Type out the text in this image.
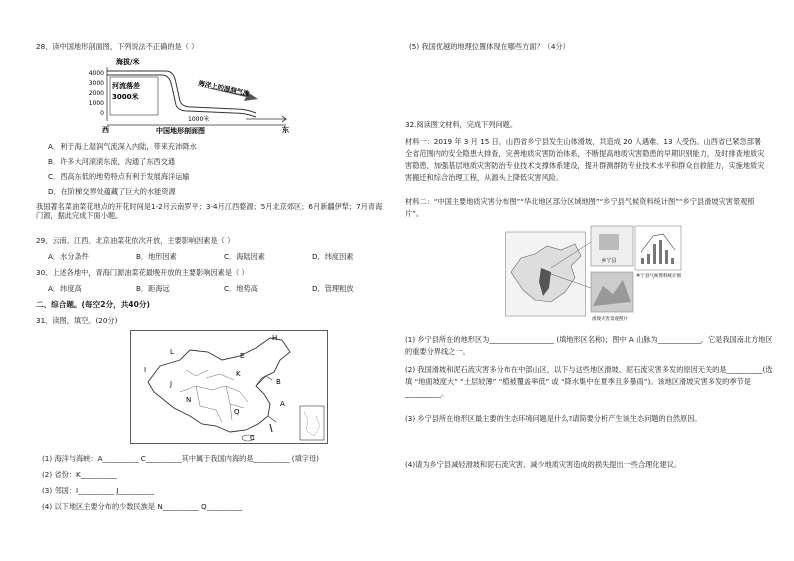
28、读中国地形剖面图，下列说法不正确的是（ ）
海拔/米
4000
3000
2000
1000
0
河流落差
3000米	海洋上的湿润气流
1000米
西	东
中国地形剖面图
A．利于海上湿润气流深入内陆，带来充沛降水
B．许多大河滚滚东流，沟通了东西交通
C．西高东低的地势特点有利于发展海洋运输
D．在阶梯交界处蕴藏了巨大的水能资源
我国著名菜油菜花地点的开花时间是1-2月云南罗平；3-4月江西婺源；5月北京郊区；6月新疆伊犁；7月青海门源，据此完成下面小题。
29、云南、江西、北京油菜花依次开放，主要影响因素是（ ）
A．水分条件	B．地形因素	C．海陆因素	D．纬度因素
30、上述各地中，青海门源油菜花最晚开放的主要影响因素是（ ）
A．纬度高	B．距海远	C．地势高	D．管理粗放
二、综合题。(每空2分，共40分)
31、读图，填空。(20分)
L
H
E
I
J	B
K
N
Q
A
C
(1) 海洋与海峡：A__________ C__________其中属于我国内海的是__________ (填字母)
(2) 省份：K__________
(3) 邻国：I__________ J__________
(4) 以下地区主要分布的少数民族是 N__________ Q__________
(5) 我国优越的地理位置体现在哪些方面？（4分）
32.阅读图文材料，完成下列问题。
材料一：2019 年 3 月 15 日，山西省乡宁县发生山体滑坡，共造成 20 人遇难、13 人受伤。山西省已紧急部署全省范围内的安全隐患大排查，完善地质灾害防治体系，不断提高地质灾害隐患的早期识别能力，及时排查地质灾害隐患，加强基层地质灾害防治专业技术支撑体系建设，提升群测群防专业技术水平和群众自救能力，实施地质灾害搬迁和综合治理工程，从源头上降低灾害风险。
材料二：“中国主要地质灾害分布图”“华北地区部分区域地图”“乡宁县气候资料统计图”“乡宁县滑坡灾害景观照片”。
乡宁县
乡宁县气候资料统计图
滑坡灾害景观照片
(1) 乡宁县所在的地形区为__________________ (填地形区名称)；图中 A 山脉为____________，它是我国南北方地区的重要分界线之一。
(2) 我国滑坡和泥石流灾害多分布在中部山区，以下与这些地区滑坡、泥石流灾害多发的原因无关的是__________(选填 “地面坡度大” “土层较薄” “植被覆盖率低” 或 “降水集中在夏季且多暴雨”)。该地区滑坡灾害多发的季节是__________。
(3) 乡宁县所在地形区最主要的生态环境问题是什么?请简要分析产生该生态问题的自然原因。
(4)请为乡宁县减轻滑坡和泥石流灾害、减少地质灾害造成的损失提出一些合理化建议。
